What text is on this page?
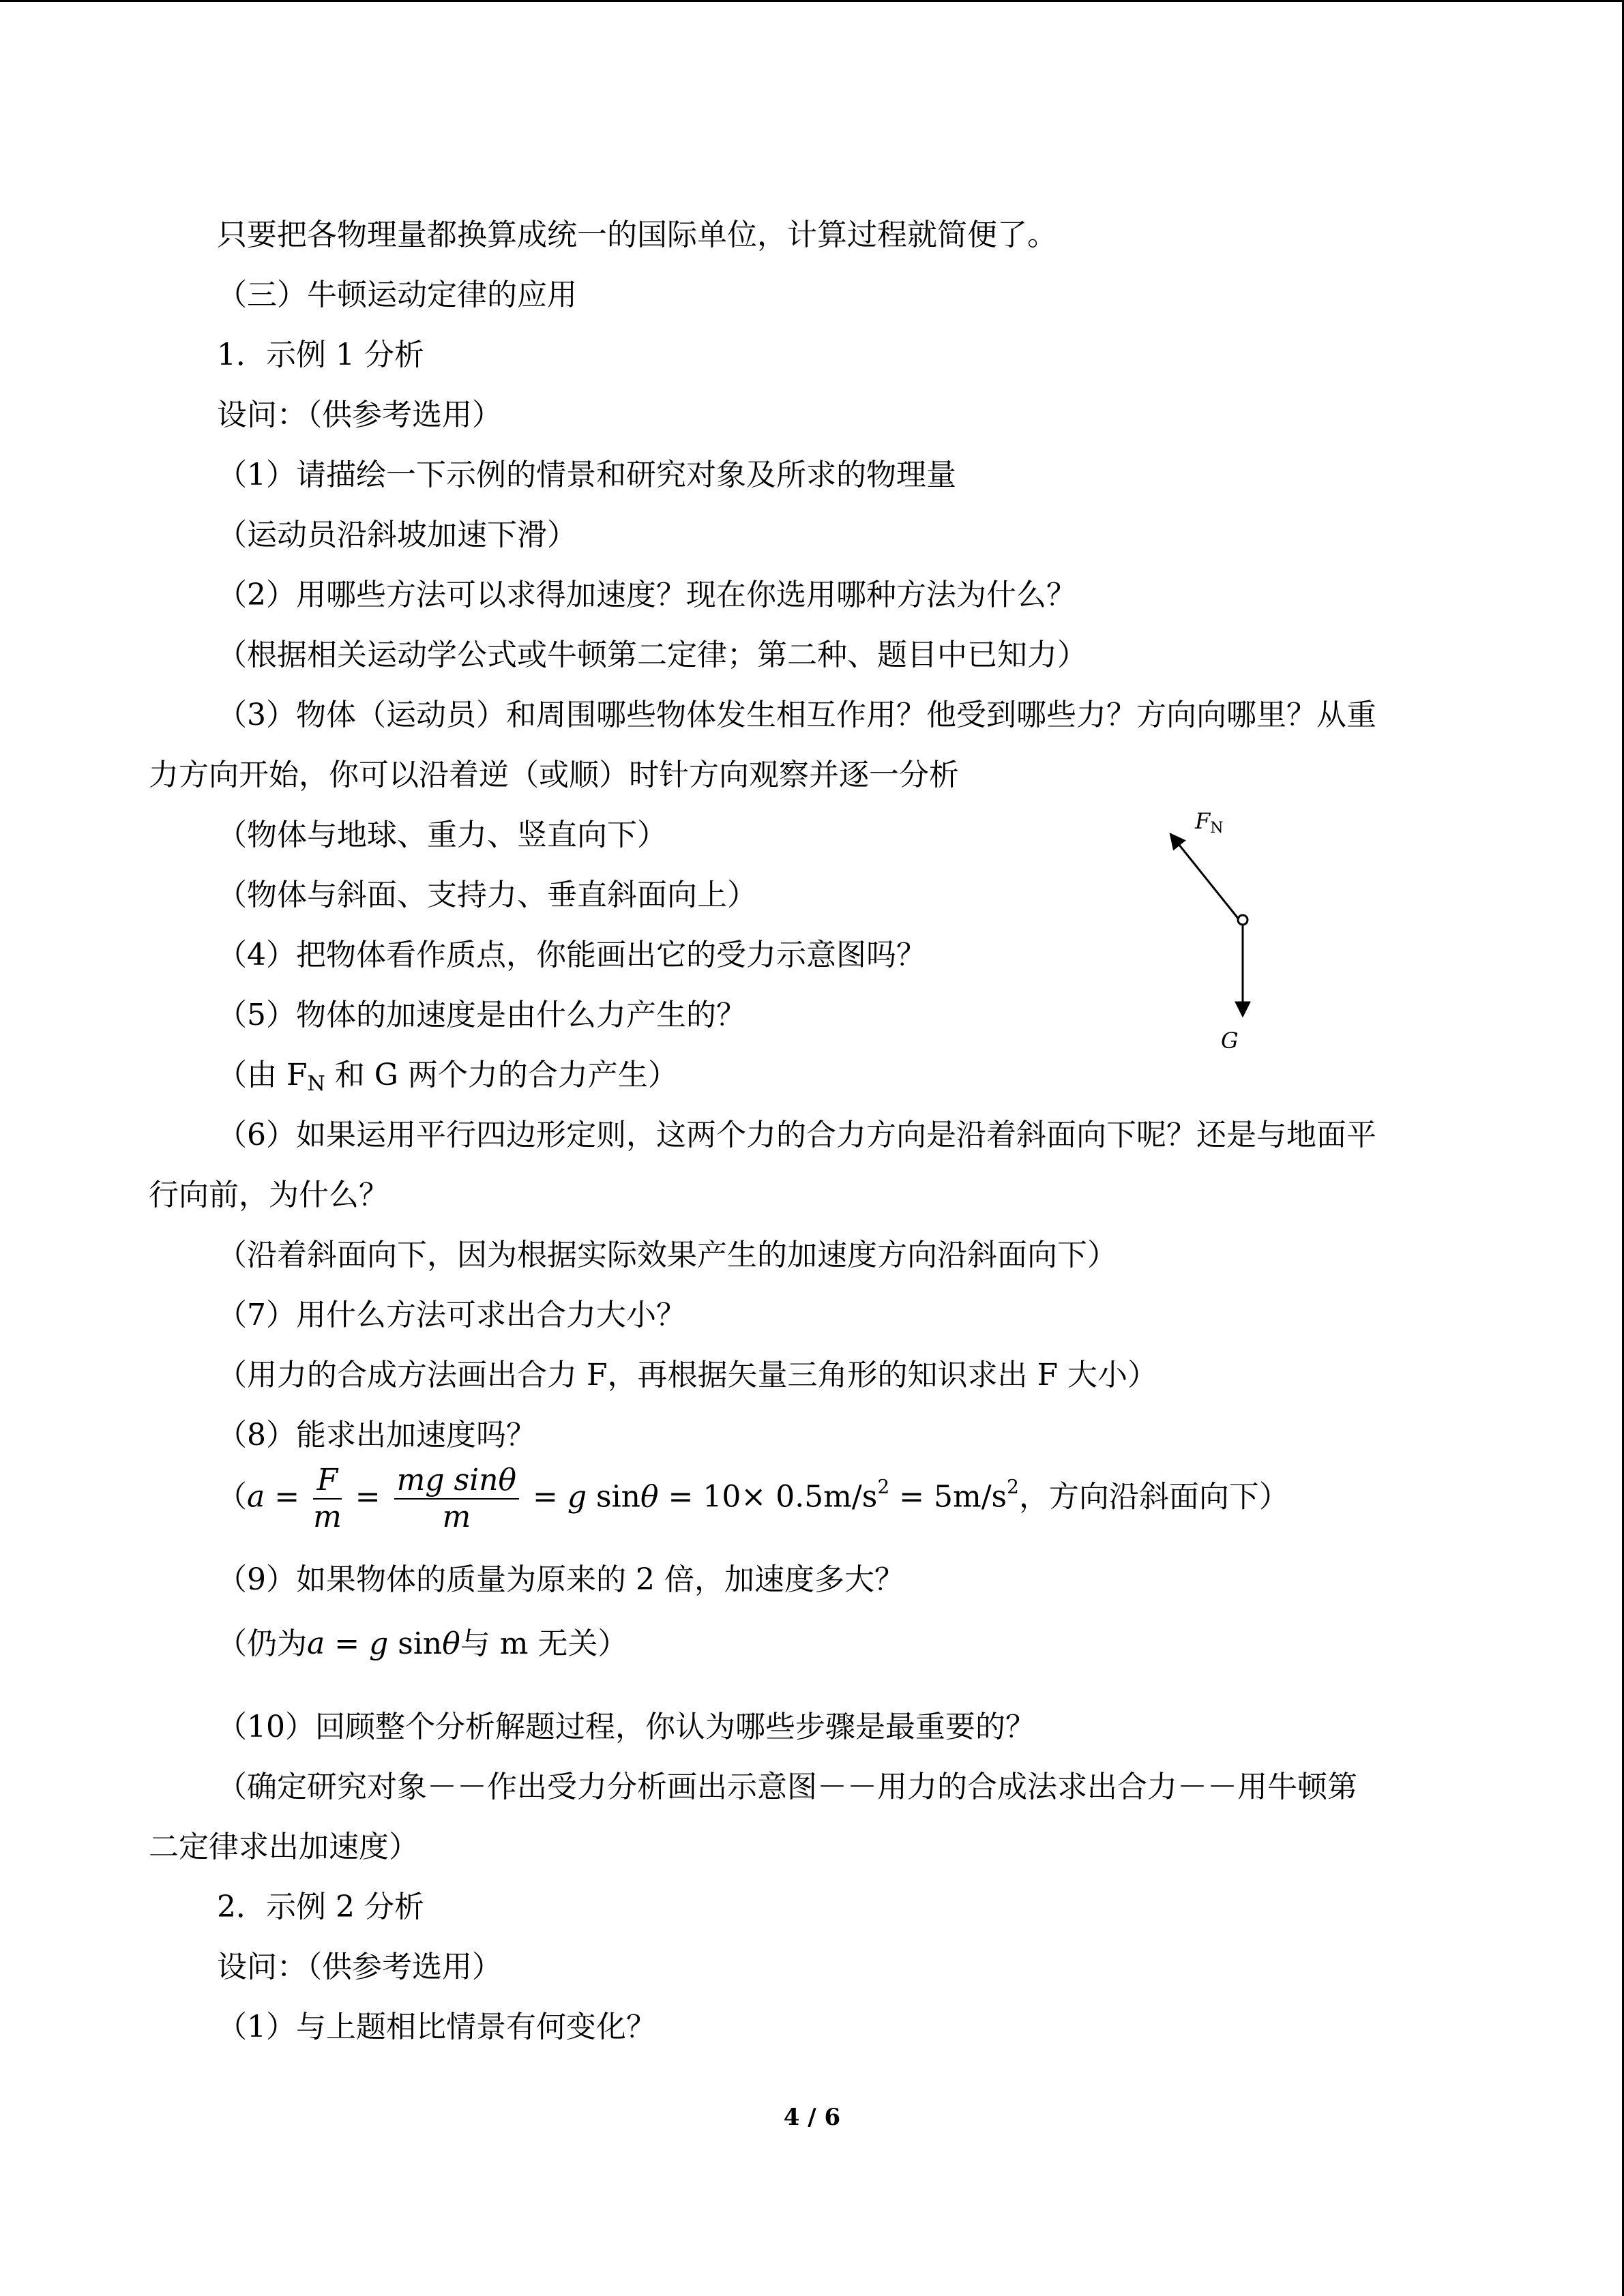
只要把各物理量都换算成统一的国际单位，计算过程就简便了。
（三）牛顿运动定律的应用
1．示例 1 分析
设问：（供参考选用）
（1）请描绘一下示例的情景和研究对象及所求的物理量
（运动员沿斜坡加速下滑）
（2）用哪些方法可以求得加速度？现在你选用哪种方法为什么？
（根据相关运动学公式或牛顿第二定律；第二种、题目中已知力）
（3）物体（运动员）和周围哪些物体发生相互作用？他受到哪些力？方向向哪里？从重
力方向开始，你可以沿着逆（或顺）时针方向观察并逐一分析
（物体与地球、重力、竖直向下）
（物体与斜面、支持力、垂直斜面向上）
（4）把物体看作质点，你能画出它的受力示意图吗？
（5）物体的加速度是由什么力产生的？
（由 $F_N$ 和 G 两个力的合力产生）
（6）如果运用平行四边形定则，这两个力的合力方向是沿着斜面向下呢？还是与地面平
行向前，为什么？
（沿着斜面向下，因为根据实际效果产生的加速度方向沿斜面向下）
（7）用什么方法可求出合力大小？
（用力的合成方法画出合力 F，再根据矢量三角形的知识求出 F 大小）
（8）能求出加速度吗？
（$a = \frac{F}{m} = \frac{\text{mg sinθ}}{m} = g$ $\sin\theta = 10\times 0.5m/s^2 = 5m/s^2$，方向沿斜面向下）
（9）如果物体的质量为原来的 2 倍，加速度多大？
（仍为a = g sinθ与 m 无关）
（10）回顾整个分析解题过程，你认为哪些步骤是最重要的？
（确定研究对象－－作出受力分析画出示意图－－用力的合成法求出合力－－用牛顿第
二定律求出加速度）
2．示例 2 分析
设问：（供参考选用）
（1）与上题相比情景有何变化？
FN
G
4 / 6
